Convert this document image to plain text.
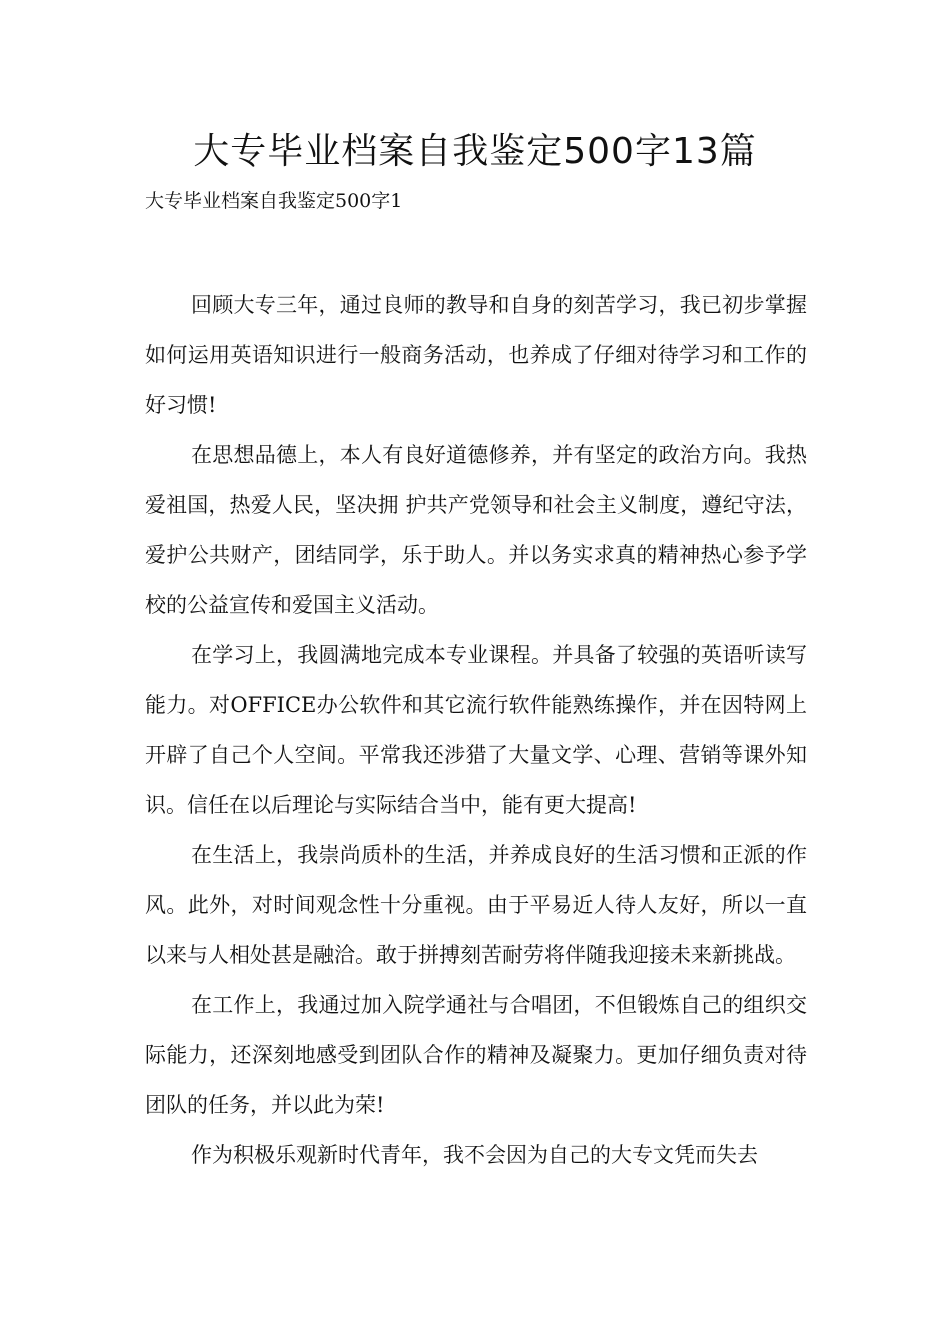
大专毕业档案自我鉴定500字13篇
大专毕业档案自我鉴定500字1

回顾大专三年，通过良师的教导和自身的刻苦学习，我已初步掌握如何运用英语知识进行一般商务活动，也养成了仔细对待学习和工作的好习惯!

在思想品德上，本人有良好道德修养，并有坚定的政治方向。我热爱祖国，热爱人民，坚决拥 护共产党领导和社会主义制度，遵纪守法，爱护公共财产，团结同学，乐于助人。并以务实求真的精神热心参予学校的公益宣传和爱国主义活动。

在学习上，我圆满地完成本专业课程。并具备了较强的英语听读写能力。对OFFICE办公软件和其它流行软件能熟练操作，并在因特网上开辟了自己个人空间。平常我还涉猎了大量文学、心理、营销等课外知识。信任在以后理论与实际结合当中，能有更大提高!

在生活上，我崇尚质朴的生活，并养成良好的生活习惯和正派的作风。此外，对时间观念性十分重视。由于平易近人待人友好，所以一直以来与人相处甚是融洽。敢于拼搏刻苦耐劳将伴随我迎接未来新挑战。

在工作上，我通过加入院学通社与合唱团，不但锻炼自己的组织交际能力，还深刻地感受到团队合作的精神及凝聚力。更加仔细负责对待团队的任务，并以此为荣!

作为积极乐观新时代青年，我不会因为自己的大专文凭而失去
